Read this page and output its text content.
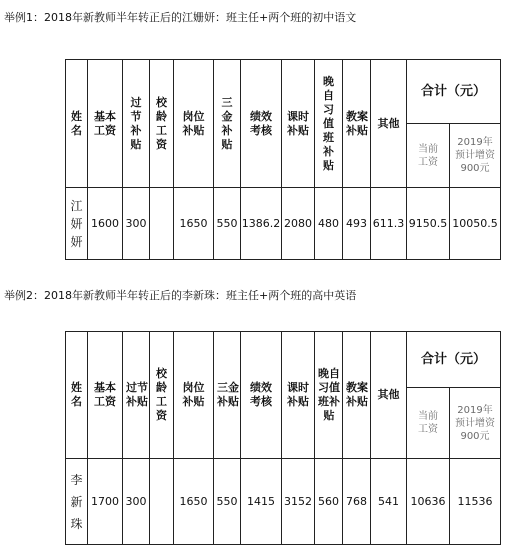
举例1：2018年新教师半年转正后的江姗妍：班主任+两个班的初中语文
姓名	基本工资	过节补贴	校龄工资	岗位补贴	三金补贴	绩效考核	课时补贴	晚自习值班补贴	教案补贴	其他	合计（元）	
											当前工资	2019年预计增资900元
江妍妍	1600	300		1650	550	1386.2	2080	480	493	611.3	9150.5	10050.5
举例2：2018年新教师半年转正后的李新珠：班主任+两个班的高中英语
姓名	基本工资	过节补贴	校龄工资	岗位补贴	三金补贴	绩效考核	课时补贴	晚自习值班补贴	教案补贴	其他	合计（元）	
											当前工资	2019年预计增资900元
李新珠	1700	300		1650	550	1415	3152	560	768	541	10636	11536
